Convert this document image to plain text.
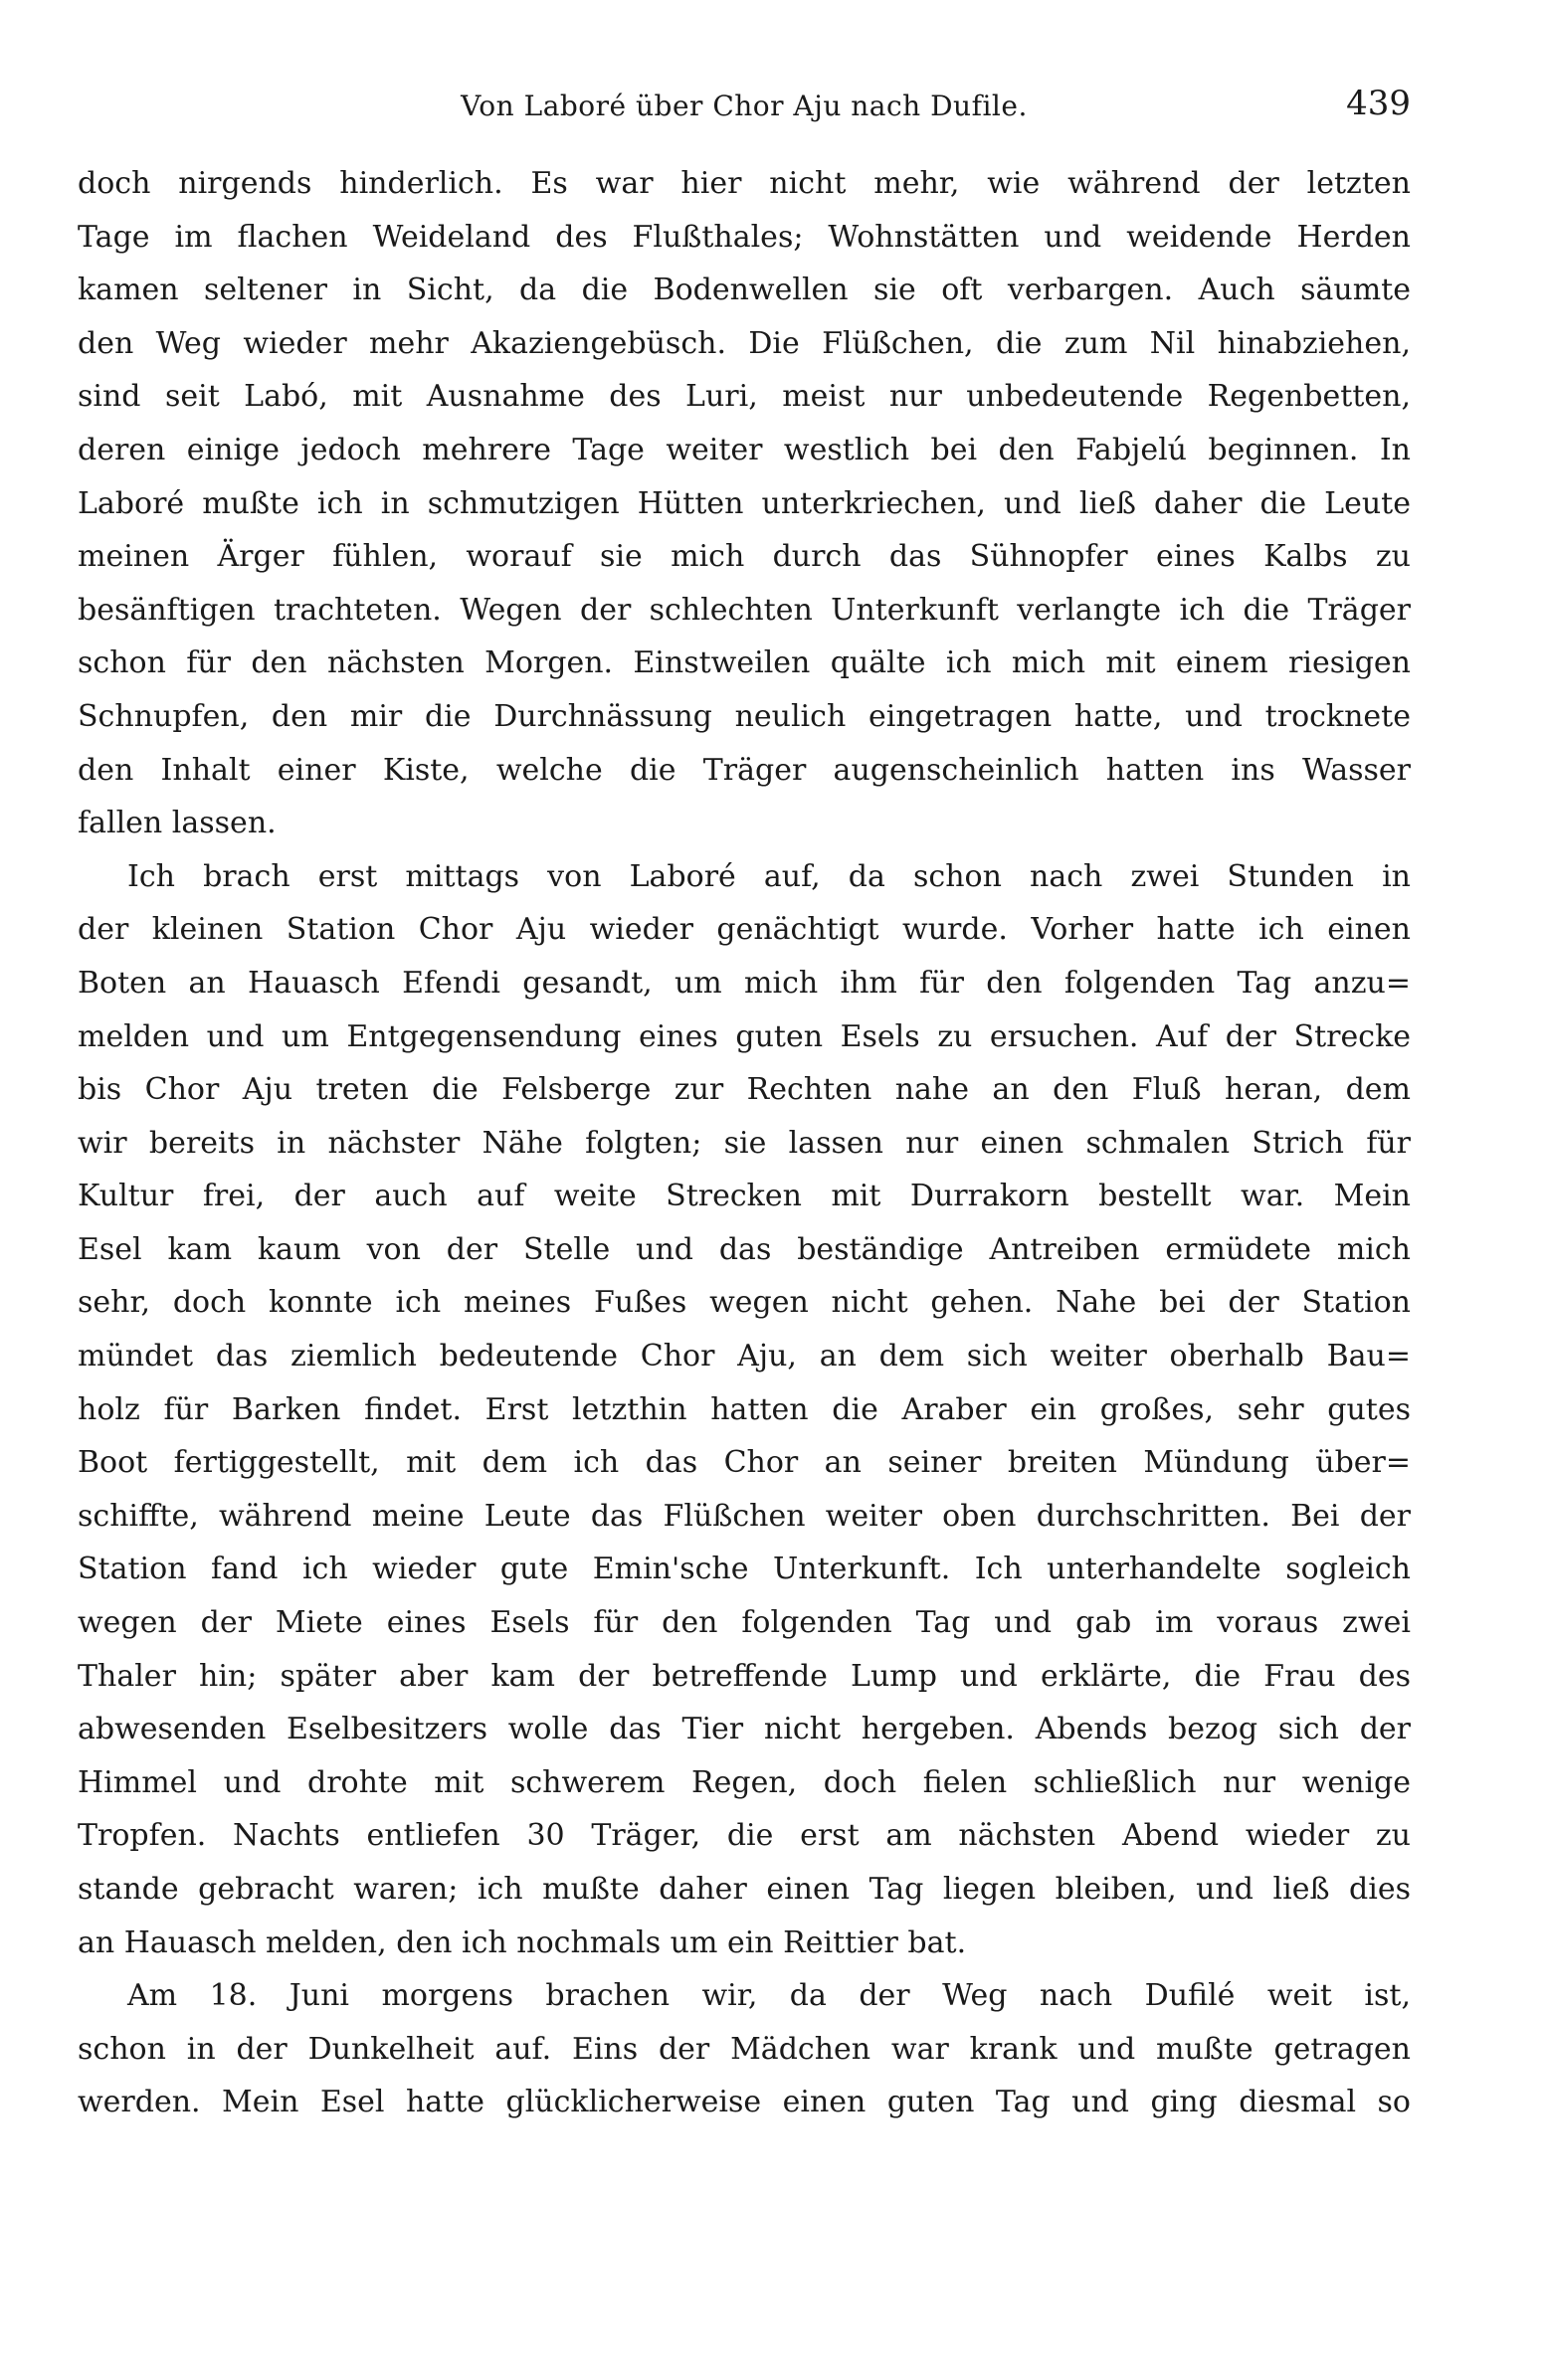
Von Laboré über Chor Aju nach Dufile.	439
doch nirgends hinderlich. Es war hier nicht mehr, wie während der letzten
Tage im flachen Weideland des Flußthales; Wohnstätten und weidende Herden
kamen seltener in Sicht, da die Bodenwellen sie oft verbargen. Auch säumte
den Weg wieder mehr Akaziengebüsch. Die Flüßchen, die zum Nil hinabziehen,
sind seit Labó, mit Ausnahme des Luri, meist nur unbedeutende Regenbetten,
deren einige jedoch mehrere Tage weiter westlich bei den Fabjelú beginnen. In
Laboré mußte ich in schmutzigen Hütten unterkriechen, und ließ daher die Leute
meinen Ärger fühlen, worauf sie mich durch das Sühnopfer eines Kalbs zu
besänftigen trachteten. Wegen der schlechten Unterkunft verlangte ich die Träger
schon für den nächsten Morgen. Einstweilen quälte ich mich mit einem riesigen
Schnupfen, den mir die Durchnässung neulich eingetragen hatte, und trocknete
den Inhalt einer Kiste, welche die Träger augenscheinlich hatten ins Wasser
fallen lassen.
Ich brach erst mittags von Laboré auf, da schon nach zwei Stunden in
der kleinen Station Chor Aju wieder genächtigt wurde. Vorher hatte ich einen
Boten an Hauasch Efendi gesandt, um mich ihm für den folgenden Tag anzu=
melden und um Entgegensendung eines guten Esels zu ersuchen. Auf der Strecke
bis Chor Aju treten die Felsberge zur Rechten nahe an den Fluß heran, dem
wir bereits in nächster Nähe folgten; sie lassen nur einen schmalen Strich für
Kultur frei, der auch auf weite Strecken mit Durrakorn bestellt war. Mein
Esel kam kaum von der Stelle und das beständige Antreiben ermüdete mich
sehr, doch konnte ich meines Fußes wegen nicht gehen. Nahe bei der Station
mündet das ziemlich bedeutende Chor Aju, an dem sich weiter oberhalb Bau=
holz für Barken findet. Erst letzthin hatten die Araber ein großes, sehr gutes
Boot fertiggestellt, mit dem ich das Chor an seiner breiten Mündung über=
schiffte, während meine Leute das Flüßchen weiter oben durchschritten. Bei der
Station fand ich wieder gute Emin'sche Unterkunft. Ich unterhandelte sogleich
wegen der Miete eines Esels für den folgenden Tag und gab im voraus zwei
Thaler hin; später aber kam der betreffende Lump und erklärte, die Frau des
abwesenden Eselbesitzers wolle das Tier nicht hergeben. Abends bezog sich der
Himmel und drohte mit schwerem Regen, doch fielen schließlich nur wenige
Tropfen. Nachts entliefen 30 Träger, die erst am nächsten Abend wieder zu
stande gebracht waren; ich mußte daher einen Tag liegen bleiben, und ließ dies
an Hauasch melden, den ich nochmals um ein Reittier bat.
Am 18. Juni morgens brachen wir, da der Weg nach Dufilé weit ist,
schon in der Dunkelheit auf. Eins der Mädchen war krank und mußte getragen
werden. Mein Esel hatte glücklicherweise einen guten Tag und ging diesmal so
